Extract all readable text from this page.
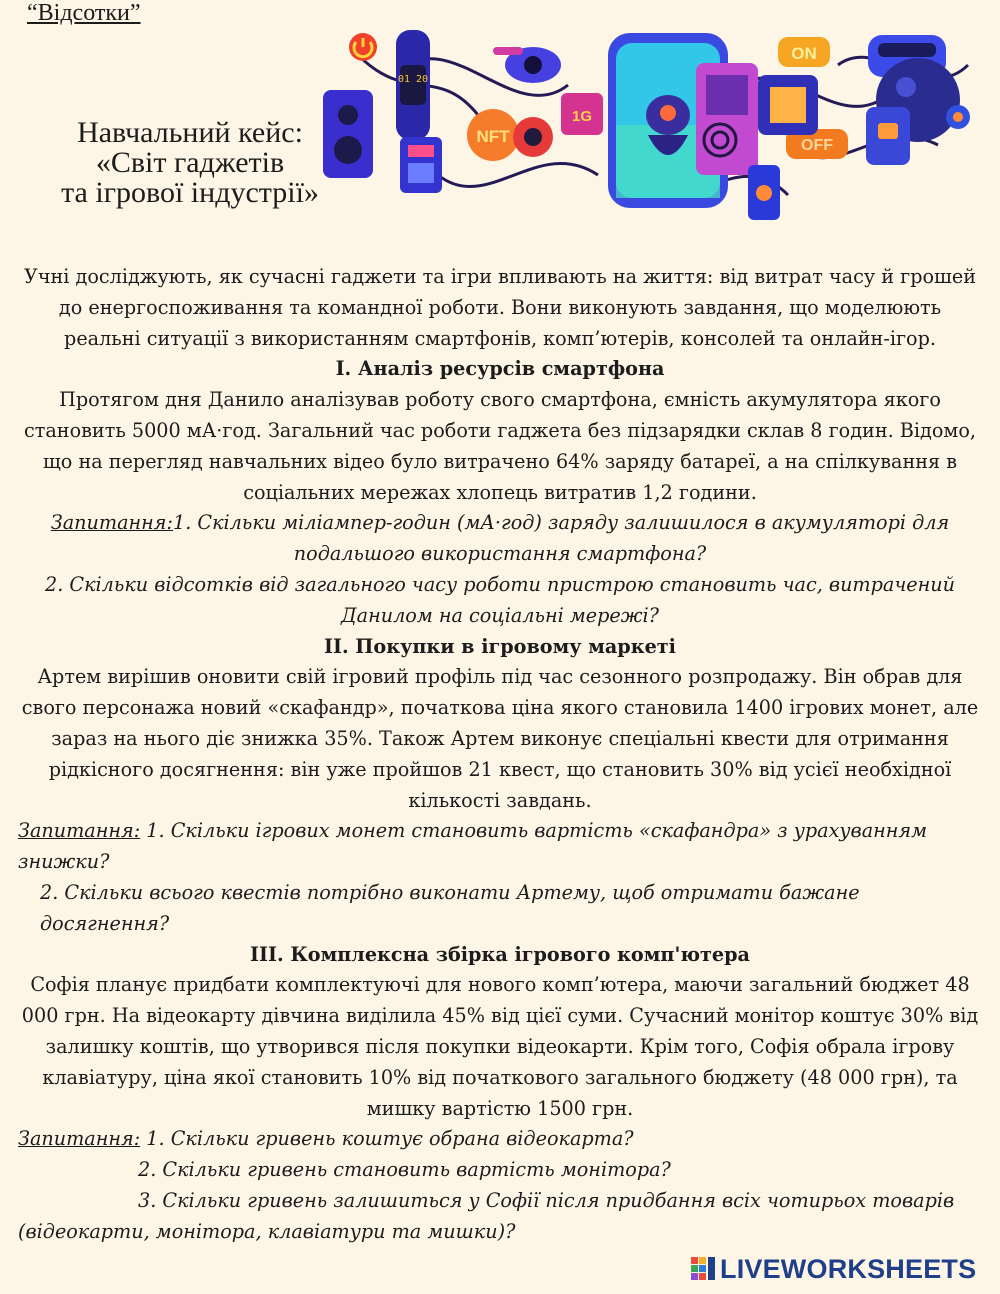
“Відсотки”
Навчальний кейс:
«Світ гаджетів
та ігрової індустрії»
01 20
NFT
1G
ON
OFF

Учні досліджують, як сучасні гаджети та ігри впливають на життя: від витрат часу й грошей до енергоспоживання та командної роботи. Вони виконують завдання, що моделюють реальні ситуації з використанням смартфонів, комп’ютерів, консолей та онлайн-ігор.

І. Аналіз ресурсів смартфона

Протягом дня Данило аналізував роботу свого смартфона, ємність акумулятора якого становить 5000 мА·год. Загальний час роботи гаджета без підзарядки склав 8 годин. Відомо, що на перегляд навчальних відео було витрачено 64% заряду батареї, а на спілкування в соціальних мережах хлопець витратив 1,2 години.

Запитання:1. Скільки міліампер-годин (мА·год) заряду залишилося в акумуляторі для подальшого використання смартфона?

2. Скільки відсотків від загального часу роботи пристрою становить час, витрачений Данилом на соціальні мережі?

ІІ. Покупки в ігровому маркеті

Артем вирішив оновити свій ігровий профіль під час сезонного розпродажу. Він обрав для свого персонажа новий «скафандр», початкова ціна якого становила 1400 ігрових монет, але зараз на нього діє знижка 35%. Також Артем виконує спеціальні квести для отримання рідкісного досягнення: він уже пройшов 21 квест, що становить 30% від усієї необхідної кількості завдань.

Запитання: 1. Скільки ігрових монет становить вартість «скафандра» з урахуванням знижки?

2. Скільки всього квестів потрібно виконати Артему, щоб отримати бажане досягнення?

ІІІ. Комплексна збірка ігрового комп'ютера

Софія планує придбати комплектуючі для нового комп’ютера, маючи загальний бюджет 48 000 грн. На відеокарту дівчина виділила 45% від цієї суми. Сучасний монітор коштує 30% від залишку коштів, що утворився після покупки відеокарти. Крім того, Софія обрала ігрову клавіатуру, ціна якої становить 10% від початкового загального бюджету (48 000 грн), та мишку вартістю 1500 грн.

Запитання: 1. Скільки гривень коштує обрана відеокарта?

2. Скільки гривень становить вартість монітора?

3. Скільки гривень залишиться у Софії після придбання всіх чотирьох товарів (відеокарти, монітора, клавіатури та мишки)?

LIVEWORKSHEETS
